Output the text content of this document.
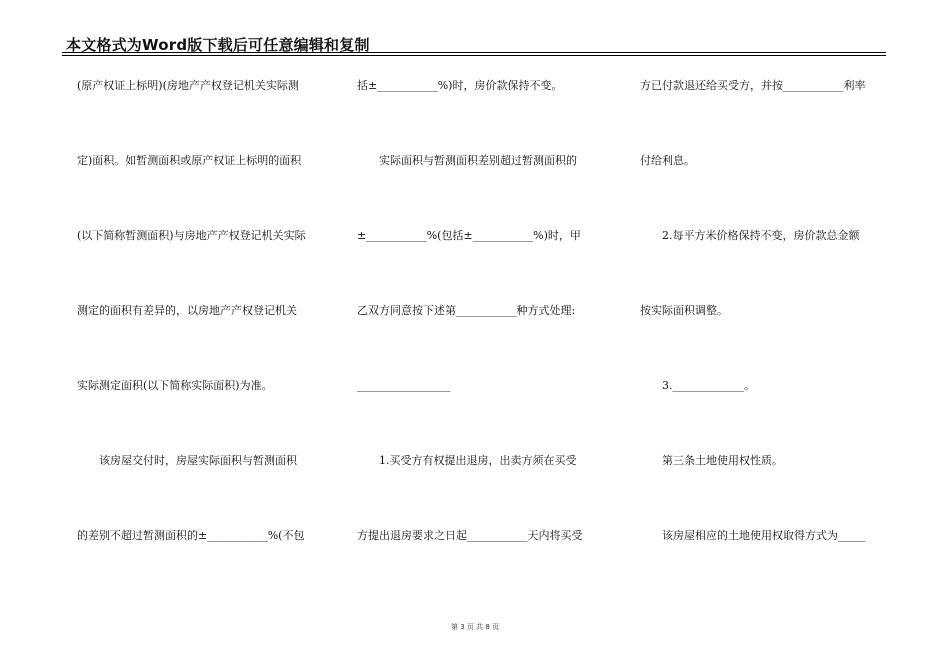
本文格式为Word版下载后可任意编辑和复制
(原产权证上标明)(房地产产权登记机关实际测
定)面积。如暂测面积或原产权证上标明的面积
(以下简称暂测面积)与房地产产权登记机关实际
测定的面积有差异的，以房地产产权登记机关
实际测定面积(以下简称实际面积)为准。
该房屋交付时，房屋实际面积与暂测面积
的差别不超过暂测面积的±___________%(不包
括±___________%)时，房价款保持不变。
实际面积与暂测面积差别超过暂测面积的
±___________%(包括±___________%)时，甲
乙双方同意按下述第___________种方式处理:
_________________
1.买受方有权提出退房，出卖方须在买受
方提出退房要求之日起___________天内将买受
方已付款退还给买受方，并按___________利率
付给利息。
2.每平方米价格保持不变，房价款总金额
按实际面积调整。
3._____________。
第三条土地使用权性质。
该房屋相应的土地使用权取得方式为_____
第 3 页 共 8 页
